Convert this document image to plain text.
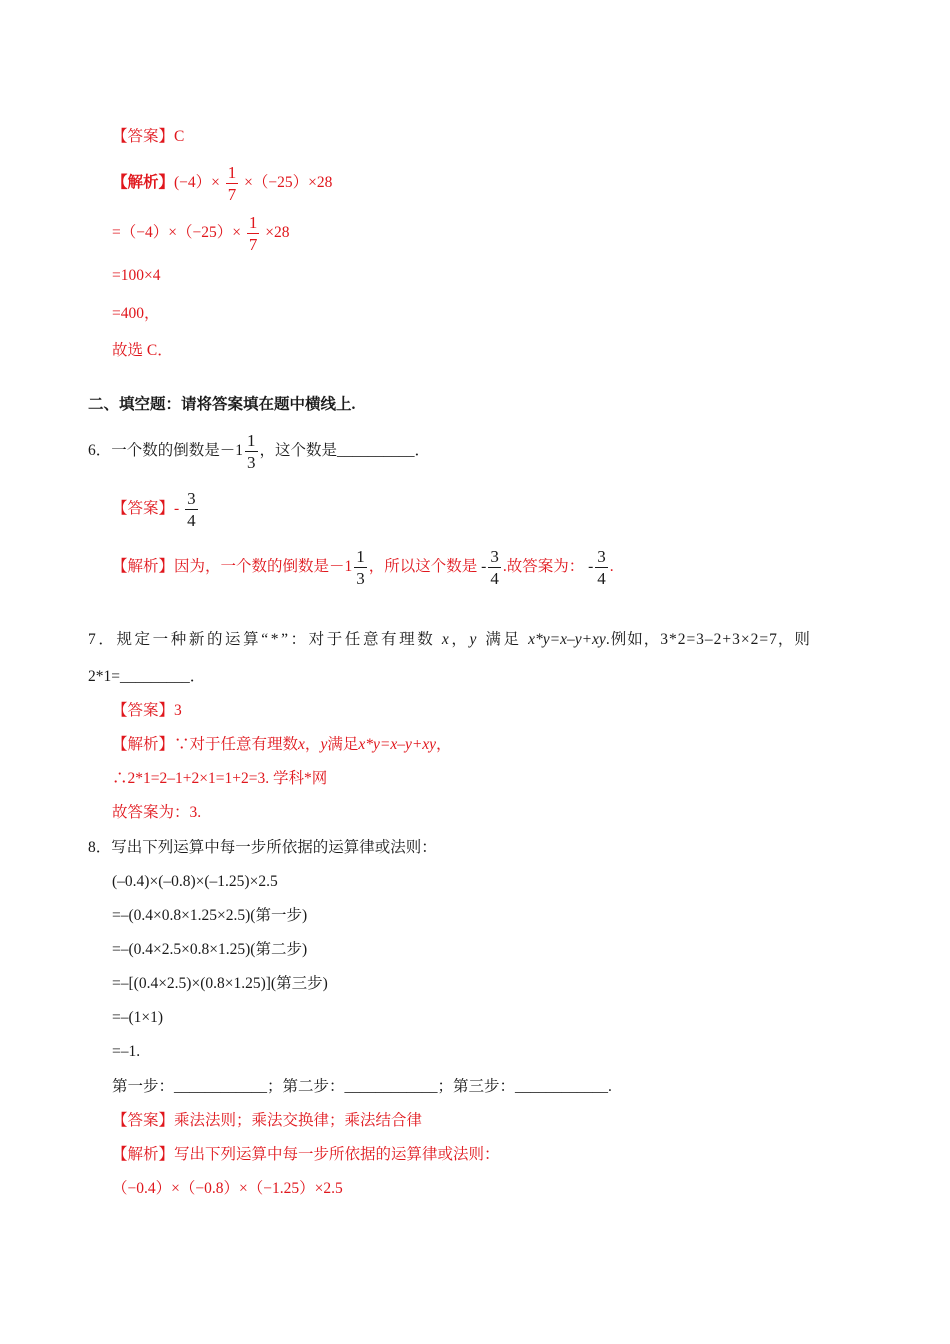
【答案】C
【解析】$(-4)\times \frac{1}{7} \times(-25)\times 28$
$=(-4)\times(-25)\times \frac{1}{7} \times 28$
=100×4
=400，
故选 C．
二、填空题：请将答案填在题中横线上.
6．一个数的倒数是$-1 \frac{1}{3}$ ，这个数是__________．
【答案】- $\frac{3}{4}$
【解析】因为，一个数的倒数是$-1 \frac{1}{3}$ ，所以这个数是 - $\frac{3}{4}$ .故答案为： - $\frac{3}{4}$ .
7．规定一种新的运算“*”：对于任意有理数 x，y 满足 x*y=x–y+xy.例如，3*2=3–2+3×2=7，则
2*1=_________．
【答案】3
【解析】∵对于任意有理数x，y满足x*y=x–y+xy，
∴2*1=2–1+2×1=1+2=3. 学科*网
故答案为：3.
8．写出下列运算中每一步所依据的运算律或法则：
(–0.4)×(–0.8)×(–1.25)×2.5
=–(0.4×0.8×1.25×2.5)(第一步)
=–(0.4×2.5×0.8×1.25)(第二步)
=–[(0.4×2.5)×(0.8×1.25)](第三步)
=–(1×1)
=–1.
第一步：____________；第二步：____________；第三步：____________.
【答案】乘法法则；乘法交换律；乘法结合律
【解析】写出下列运算中每一步所依据的运算律或法则：
（−0.4）×（−0.8）×（−1.25）×2.5
